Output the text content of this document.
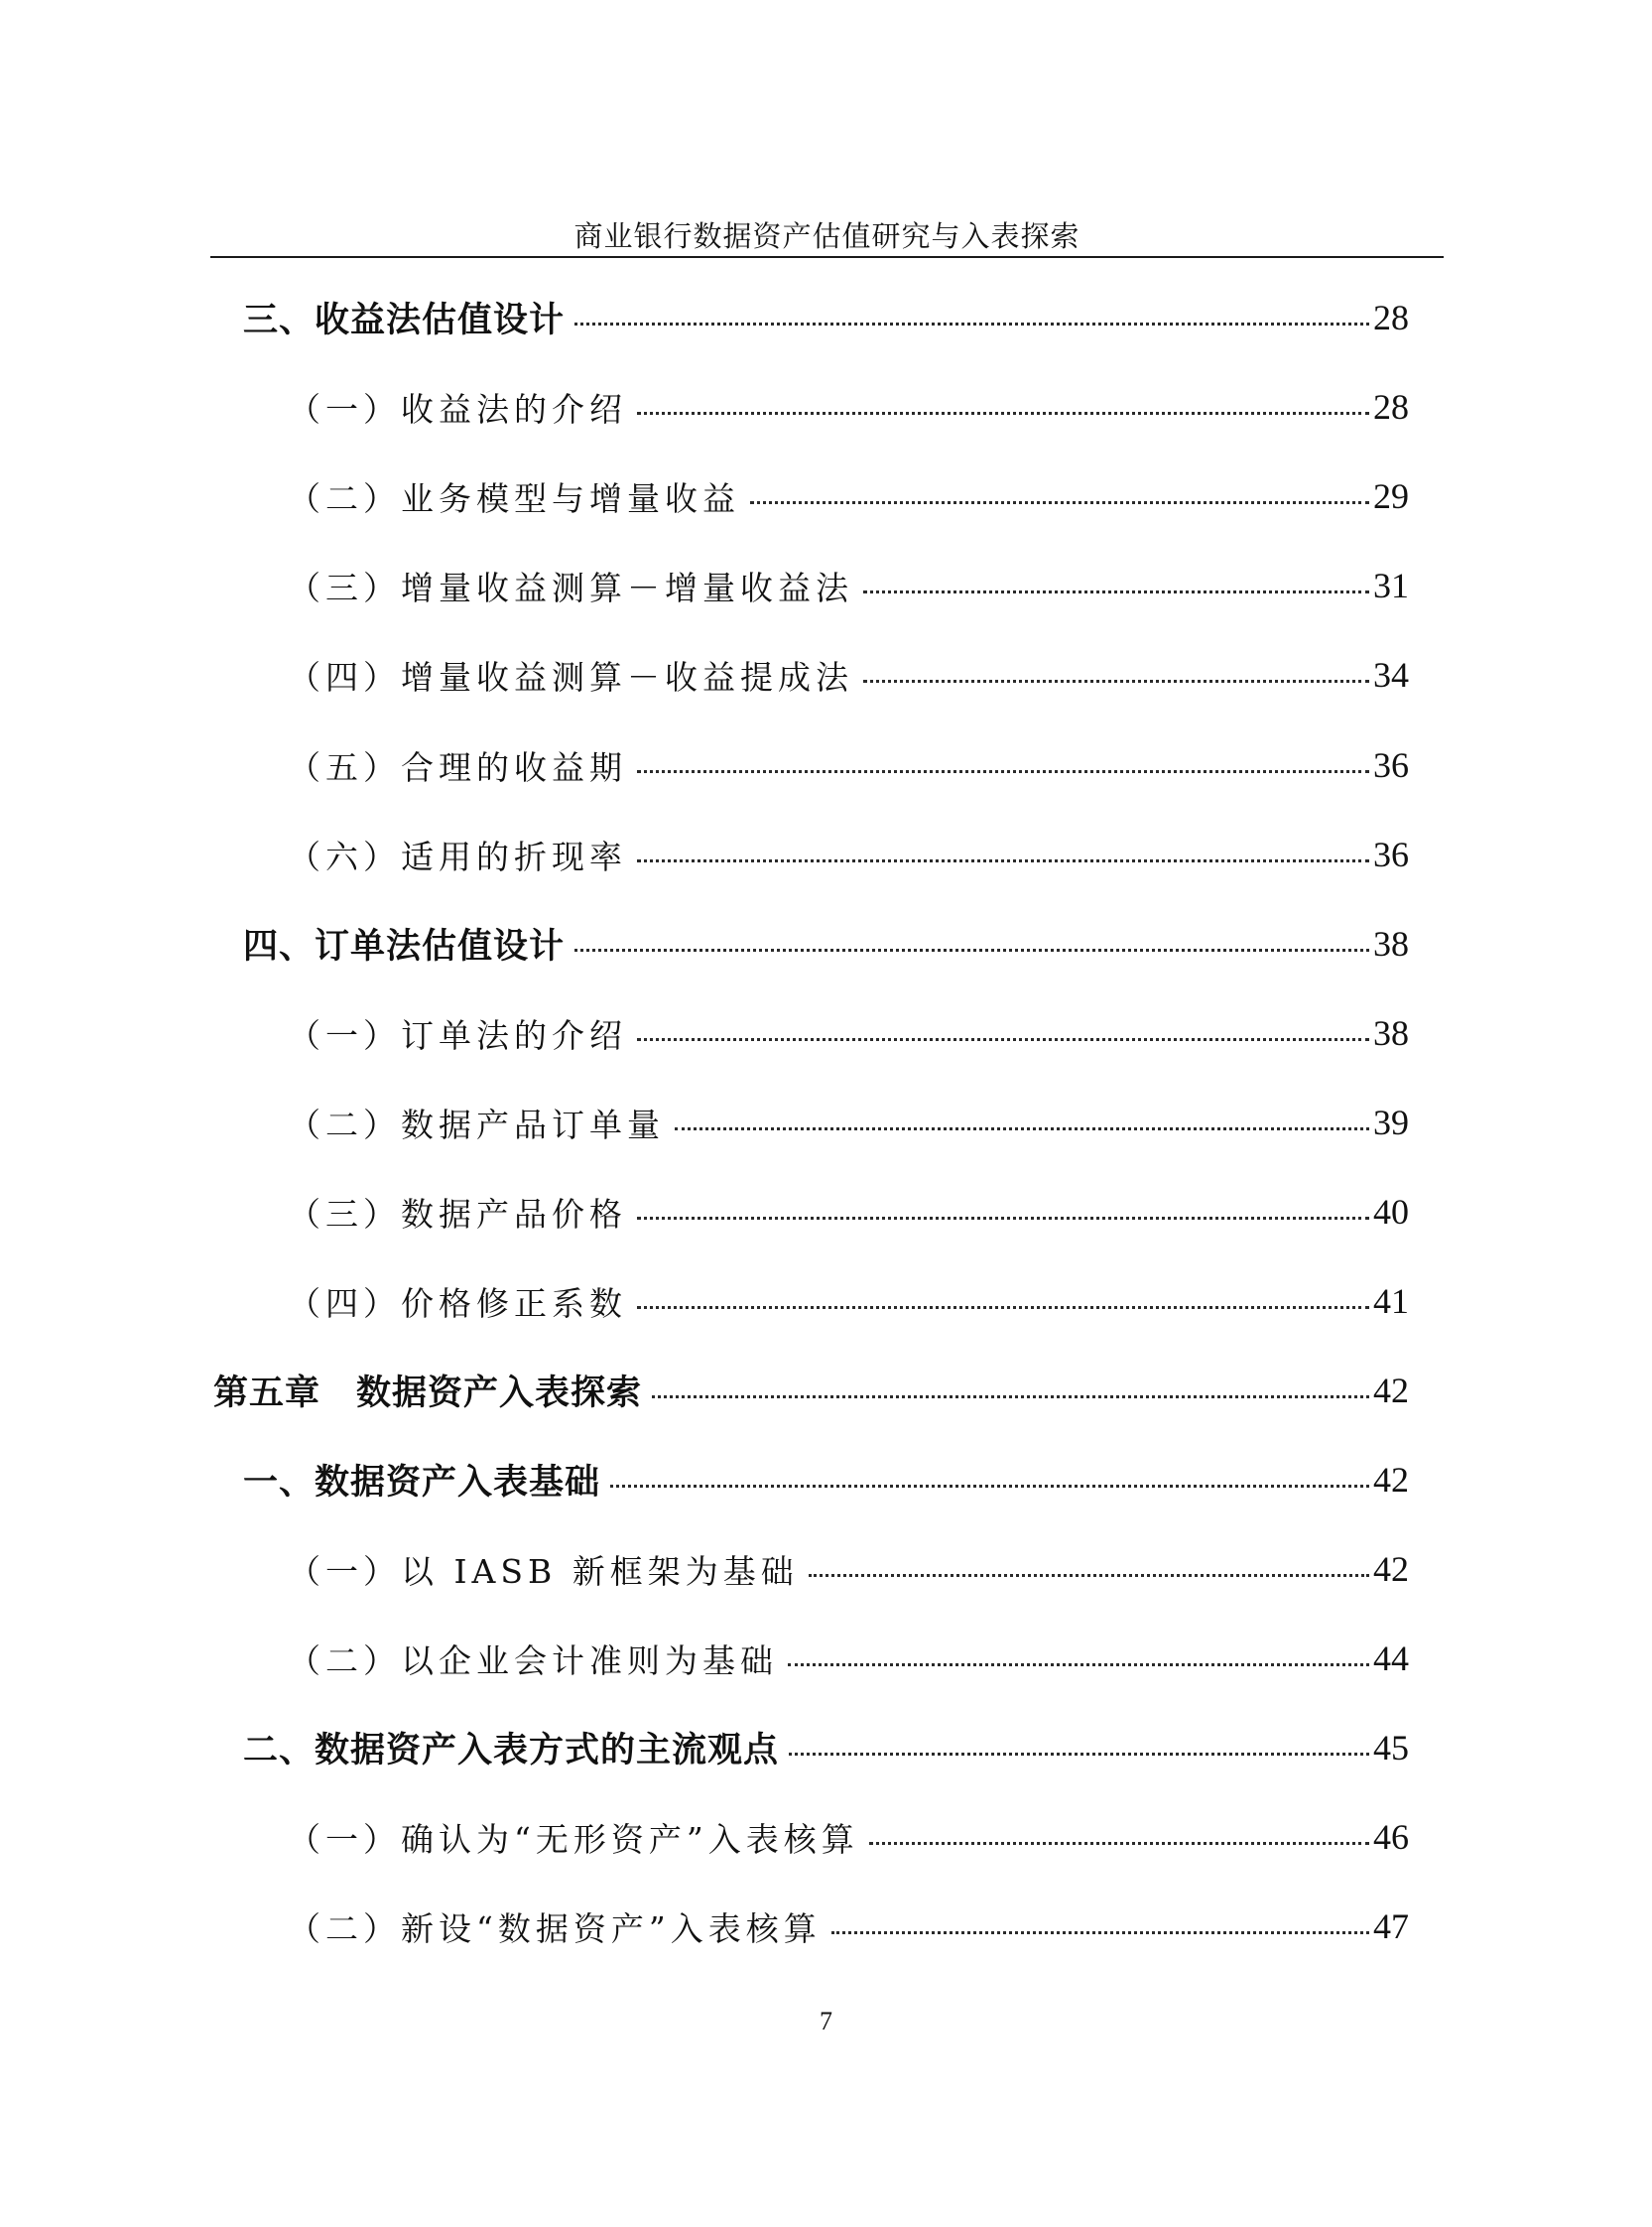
商业银行数据资产估值研究与入表探索
三、收益法估值设计	28
（一）收益法的介绍	28
（二）业务模型与增量收益	29
（三）增量收益测算－增量收益法	31
（四）增量收益测算－收益提成法	34
（五）合理的收益期	36
（六）适用的折现率	36
四、订单法估值设计	38
（一）订单法的介绍	38
（二）数据产品订单量	39
（三）数据产品价格	40
（四）价格修正系数	41
第五章　数据资产入表探索	42
一、数据资产入表基础	42
（一）以 IASB 新框架为基础	42
（二）以企业会计准则为基础	44
二、数据资产入表方式的主流观点	45
（一）确认为“无形资产”入表核算	46
（二）新设“数据资产”入表核算	47
7
